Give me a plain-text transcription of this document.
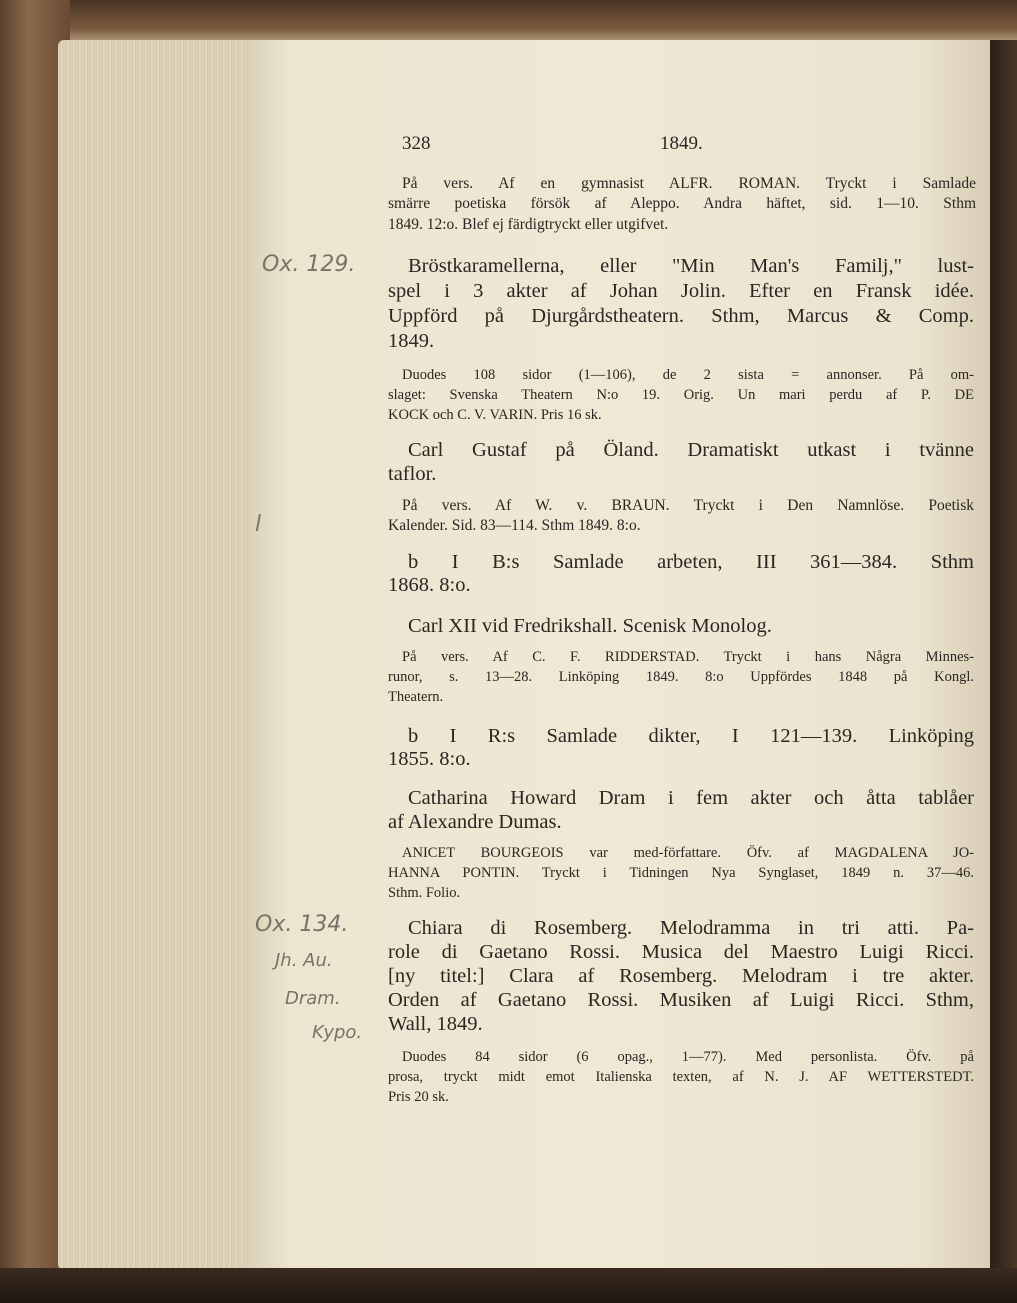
328	1849.
Ox. 129.
l
Ox. 134.
Jh. Au.
Dram.
Kypo.
På vers. Af en gymnasist ALFR. ROMAN. Tryckt i Samlade
smärre poetiska försök af Aleppo. Andra häftet, sid. 1—10. Sthm
1849. 12:o. Blef ej färdigtryckt eller utgifvet.
Bröstkaramellerna, eller "Min Man's Familj," lust-
spel i 3 akter af Johan Jolin. Efter en Fransk idée.
Uppförd på Djurgårdstheatern. Sthm, Marcus & Comp.
1849.
Duodes 108 sidor (1—106), de 2 sista = annonser. På om-
slaget: Svenska Theatern N:o 19. Orig. Un mari perdu af P. DE
KOCK och C. V. VARIN. Pris 16 sk.
Carl Gustaf på Öland. Dramatiskt utkast i tvänne
taflor.
På vers. Af W. v. BRAUN. Tryckt i Den Namnlöse. Poetisk
Kalender. Sid. 83—114. Sthm 1849. 8:o.
b I B:s Samlade arbeten, III 361—384. Sthm
1868. 8:o.
Carl XII vid Fredrikshall. Scenisk Monolog.
På vers. Af C. F. RIDDERSTAD. Tryckt i hans Några Minnes-
runor, s. 13—28. Linköping 1849. 8:o Uppfördes 1848 på Kongl.
Theatern.
b I R:s Samlade dikter, I 121—139. Linköping
1855. 8:o.
Catharina Howard Dram i fem akter och åtta tablåer
af Alexandre Dumas.
ANICET BOURGEOIS var med-författare. Öfv. af MAGDALENA JO-
HANNA PONTIN. Tryckt i Tidningen Nya Synglaset, 1849 n. 37—46.
Sthm. Folio.
Chiara di Rosemberg. Melodramma in tri atti. Pa-
role di Gaetano Rossi. Musica del Maestro Luigi Ricci.
[ny titel:] Clara af Rosemberg. Melodram i tre akter.
Orden af Gaetano Rossi. Musiken af Luigi Ricci. Sthm,
Wall, 1849.
Duodes 84 sidor (6 opag., 1—77). Med personlista. Öfv. på
prosa, tryckt midt emot Italienska texten, af N. J. AF WETTERSTEDT.
Pris 20 sk.
